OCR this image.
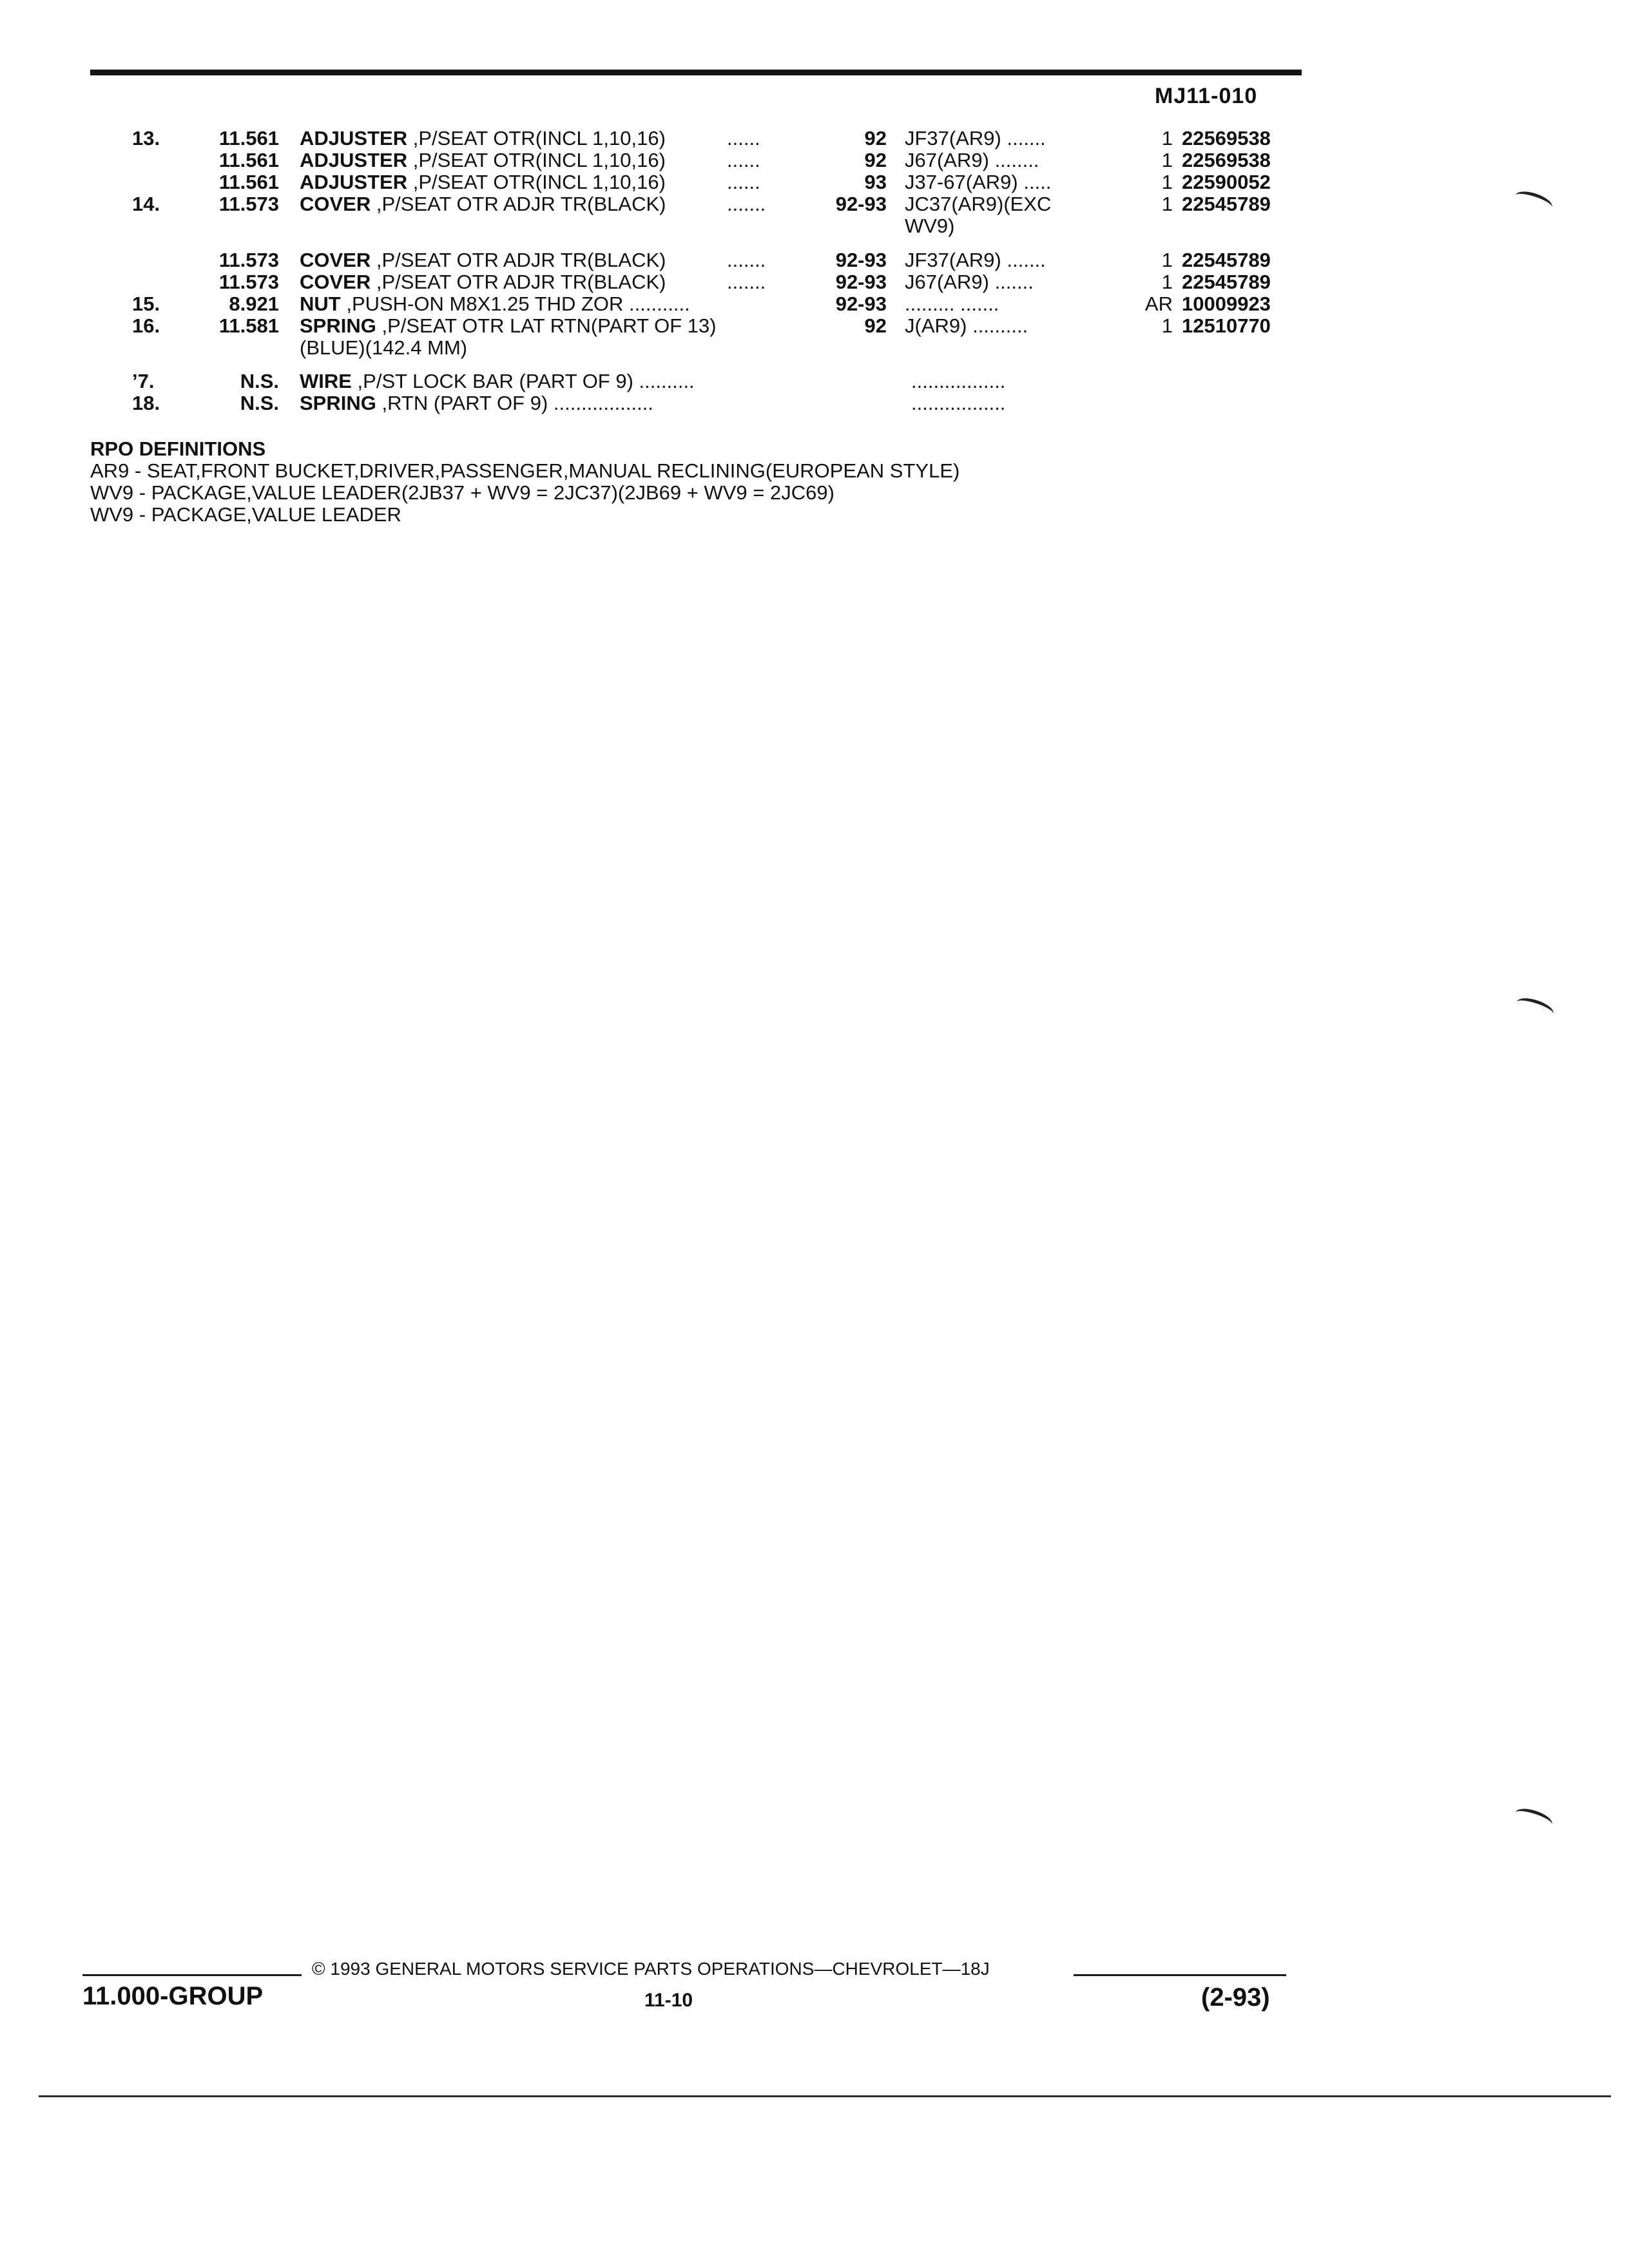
MJ11-010
13.	11.561 ADJUSTER ,P/SEAT OTR(INCL 1,10,16)	......	92 JF37(AR9) .......	1 22569538
11.561 ADJUSTER ,P/SEAT OTR(INCL 1,10,16)	......	92 J67(AR9) ........	1 22569538
11.561 ADJUSTER ,P/SEAT OTR(INCL 1,10,16)	......	93 J37-67(AR9) .....	1 22590052
14.	11.573 COVER ,P/SEAT OTR ADJR TR(BLACK)	.......	92-93 JC37(AR9)(EXC	1 22545789
WV9)
11.573 COVER ,P/SEAT OTR ADJR TR(BLACK)	.......	92-93 JF37(AR9) .......	1 22545789
11.573 COVER ,P/SEAT OTR ADJR TR(BLACK)	.......	92-93 J67(AR9) .......	1 22545789
15.	8.921 NUT ,PUSH-ON M8X1.25 THD ZOR ...........	92-93 ......... .......	AR 10009923
16.	11.581 SPRING ,P/SEAT OTR LAT RTN(PART OF 13)	92 J(AR9) ..........	1 12510770
(BLUE)(142.4 MM)
’7.	N.S. WIRE ,P/ST LOCK BAR (PART OF 9) ..........	.................
18.	N.S. SPRING ,RTN (PART OF 9) ..................	.................
RPO DEFINITIONS
AR9 - SEAT,FRONT BUCKET,DRIVER,PASSENGER,MANUAL RECLINING(EUROPEAN STYLE)
WV9 - PACKAGE,VALUE LEADER(2JB37 + WV9 = 2JC37)(2JB69 + WV9 = 2JC69)
WV9 - PACKAGE,VALUE LEADER
© 1993 GENERAL MOTORS SERVICE PARTS OPERATIONS—CHEVROLET—18J
11.000-GROUP	11-10	(2-93)
